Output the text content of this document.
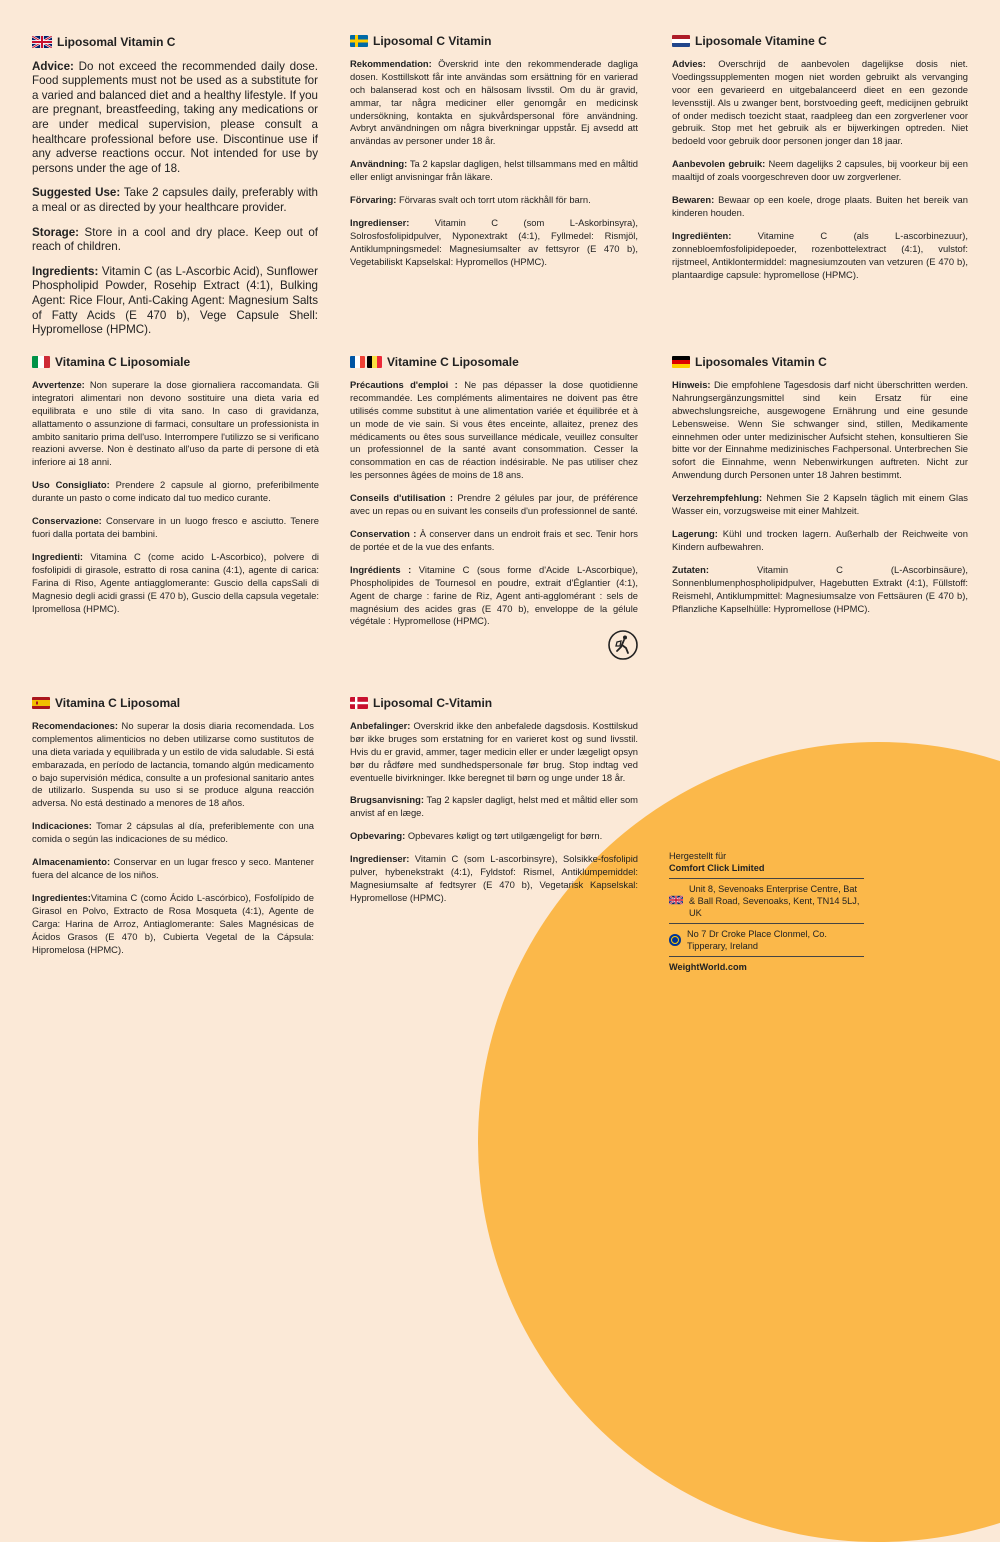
Liposomal Vitamin C

Advice: Do not exceed the recommended daily dose. Food supplements must not be used as a substitute for a varied and balanced diet and a healthy lifestyle. If you are pregnant, breastfeeding, taking any medications or are under medical supervision, please consult a healthcare professional before use. Discontinue use if any adverse reactions occur. Not intended for use by persons under the age of 18.

Suggested Use: Take 2 capsules daily, preferably with a meal or as directed by your healthcare provider.

Storage: Store in a cool and dry place. Keep out of reach of children.

Ingredients: Vitamin C (as L-Ascorbic Acid), Sunflower Phospholipid Powder, Rosehip Extract (4:1), Bulking Agent: Rice Flour, Anti-Caking Agent: Magnesium Salts of Fatty Acids (E 470 b), Vege Capsule Shell: Hypromellose (HPMC).

Liposomal C Vitamin

Rekommendation: Överskrid inte den rekommenderade dagliga dosen. Kosttillskott får inte användas som ersättning för en varierad och balanserad kost och en hälsosam livsstil. Om du är gravid, ammar, tar några mediciner eller genomgår en medicinsk undersökning, kontakta en sjukvårdspersonal före användning. Avbryt användningen om några biverkningar uppstår. Ej avsedd att användas av personer under 18 år.

Användning: Ta 2 kapslar dagligen, helst tillsammans med en måltid eller enligt anvisningar från läkare.

Förvaring: Förvaras svalt och torrt utom räckhåll för barn.

Ingredienser: Vitamin C (som L-Askorbinsyra), Solrosfosfolipidpulver, Nyponextrakt (4:1), Fyllmedel: Rismjöl, Antiklumpningsmedel: Magnesiumsalter av fettsyror (E 470 b), Vegetabiliskt Kapselskal: Hypromellos (HPMC).

Liposomale Vitamine C

Advies: Overschrijd de aanbevolen dagelijkse dosis niet. Voedingssupplementen mogen niet worden gebruikt als vervanging voor een gevarieerd en uitgebalanceerd dieet en een gezonde levensstijl. Als u zwanger bent, borstvoeding geeft, medicijnen gebruikt of onder medisch toezicht staat, raadpleeg dan een zorgverlener voor gebruik. Stop met het gebruik als er bijwerkingen optreden. Niet bedoeld voor gebruik door personen jonger dan 18 jaar.

Aanbevolen gebruik: Neem dagelijks 2 capsules, bij voorkeur bij een maaltijd of zoals voorgeschreven door uw zorgverlener.

Bewaren: Bewaar op een koele, droge plaats. Buiten het bereik van kinderen houden.

Ingrediënten: Vitamine C (als L-ascorbinezuur), zonnebloemfosfolipidepoeder, rozenbottelextract (4:1), vulstof: rijstmeel, Antiklontermiddel: magnesiumzouten van vetzuren (E 470 b), plantaardige capsule: hypromellose (HPMC).

Vitamina C Liposomiale

Avvertenze: Non superare la dose giornaliera raccomandata. Gli integratori alimentari non devono sostituire una dieta varia ed equilibrata e uno stile di vita sano. In caso di gravidanza, allattamento o assunzione di farmaci, consultare un professionista in ambito sanitario prima dell'uso. Interrompere l'utilizzo se si verificano reazioni avverse. Non è destinato all'uso da parte di persone di età inferiore ai 18 anni.

Uso Consigliato: Prendere 2 capsule al giorno, preferibilmente durante un pasto o come indicato dal tuo medico curante.

Conservazione: Conservare in un luogo fresco e asciutto. Tenere fuori dalla portata dei bambini.

Ingredienti: Vitamina C (come acido L-Ascorbico), polvere di fosfolipidi di girasole, estratto di rosa canina (4:1), agente di carica: Farina di Riso, Agente antiagglomerante: Guscio della capsSali di Magnesio degli acidi grassi (E 470 b), Guscio della capsula vegetale: Ipromellosa (HPMC).

Vitamine C Liposomale

Précautions d'emploi : Ne pas dépasser la dose quotidienne recommandée. Les compléments alimentaires ne doivent pas être utilisés comme substitut à une alimentation variée et équilibrée et à un mode de vie sain. Si vous êtes enceinte, allaitez, prenez des médicaments ou êtes sous surveillance médicale, veuillez consulter un professionnel de la santé avant consommation. Cesser la consommation en cas de réaction indésirable. Ne pas utiliser chez les personnes âgées de moins de 18 ans.

Conseils d'utilisation : Prendre 2 gélules par jour, de préférence avec un repas ou en suivant les conseils d'un professionnel de santé.

Conservation : À conserver dans un endroit frais et sec. Tenir hors de portée et de la vue des enfants.

Ingrédients : Vitamine C (sous forme d'Acide L-Ascorbique), Phospholipides de Tournesol en poudre, extrait d'Églantier (4:1), Agent de charge : farine de Riz, Agent anti-agglomérant : sels de magnésium des acides gras (E 470 b), enveloppe de la gélule végétale : Hypromellose (HPMC).

Liposomales Vitamin C

Hinweis: Die empfohlene Tagesdosis darf nicht überschritten werden. Nahrungsergänzungsmittel sind kein Ersatz für eine abwechslungsreiche, ausgewogene Ernährung und eine gesunde Lebensweise. Wenn Sie schwanger sind, stillen, Medikamente einnehmen oder unter medizinischer Aufsicht stehen, konsultieren Sie bitte vor der Einnahme medizinisches Fachpersonal. Unterbrechen Sie sofort die Einnahme, wenn Nebenwirkungen auftreten. Nicht zur Anwendung durch Personen unter 18 Jahren bestimmt.

Verzehrempfehlung: Nehmen Sie 2 Kapseln täglich mit einem Glas Wasser ein, vorzugsweise mit einer Mahlzeit.

Lagerung: Kühl und trocken lagern. Außerhalb der Reichweite von Kindern aufbewahren.

Zutaten: Vitamin C (L-Ascorbinsäure), Sonnenblumenphospholipidpulver, Hagebutten Extrakt (4:1), Füllstoff: Reismehl, Antiklumpmittel: Magnesiumsalze von Fettsäuren (E 470 b), Pflanzliche Kapselhülle: Hypromellose (HPMC).

Vitamina C Liposomal

Recomendaciones: No superar la dosis diaria recomendada. Los complementos alimenticios no deben utilizarse como sustitutos de una dieta variada y equilibrada y un estilo de vida saludable. Si está embarazada, en período de lactancia, tomando algún medicamento o bajo supervisión médica, consulte a un profesional sanitario antes de utilizarlo. Suspenda su uso si se produce alguna reacción adversa. No está destinado a menores de 18 años.

Indicaciones: Tomar 2 cápsulas al día, preferiblemente con una comida o según las indicaciones de su médico.

Almacenamiento: Conservar en un lugar fresco y seco. Mantener fuera del alcance de los niños.

Ingredientes:Vitamina C (como Ácido L-ascórbico), Fosfolípido de Girasol en Polvo, Extracto de Rosa Mosqueta (4:1), Agente de Carga: Harina de Arroz, Antiaglomerante: Sales Magnésicas de Ácidos Grasos (E 470 b), Cubierta Vegetal de la Cápsula: Hipromelosa (HPMC).

Liposomal C-Vitamin

Anbefalinger: Overskrid ikke den anbefalede dagsdosis. Kosttilskud bør ikke bruges som erstatning for en varieret kost og sund livsstil. Hvis du er gravid, ammer, tager medicin eller er under lægeligt opsyn bør du rådføre med sundhedspersonale før brug. Stop indtag ved eventuelle bivirkninger. Ikke beregnet til børn og unge under 18 år.

Brugsanvisning: Tag 2 kapsler dagligt, helst med et måltid eller som anvist af en læge.

Opbevaring: Opbevares køligt og tørt utilgængeligt for børn.

Ingredienser: Vitamin C (som L-ascorbinsyre), Solsikke-fosfolipid pulver, hybenekstrakt (4:1), Fyldstof: Rismel, Antiklumpemiddel: Magnesiumsalte af fedtsyrer (E 470 b), Vegetarisk Kapselskal: Hypromellose (HPMC).

Hergestellt für
Comfort Click Limited
Unit 8, Sevenoaks Enterprise Centre, Bat & Ball Road, Sevenoaks, Kent, TN14 5LJ, UK
No 7 Dr Croke Place Clonmel, Co. Tipperary, Ireland
WeightWorld.com
